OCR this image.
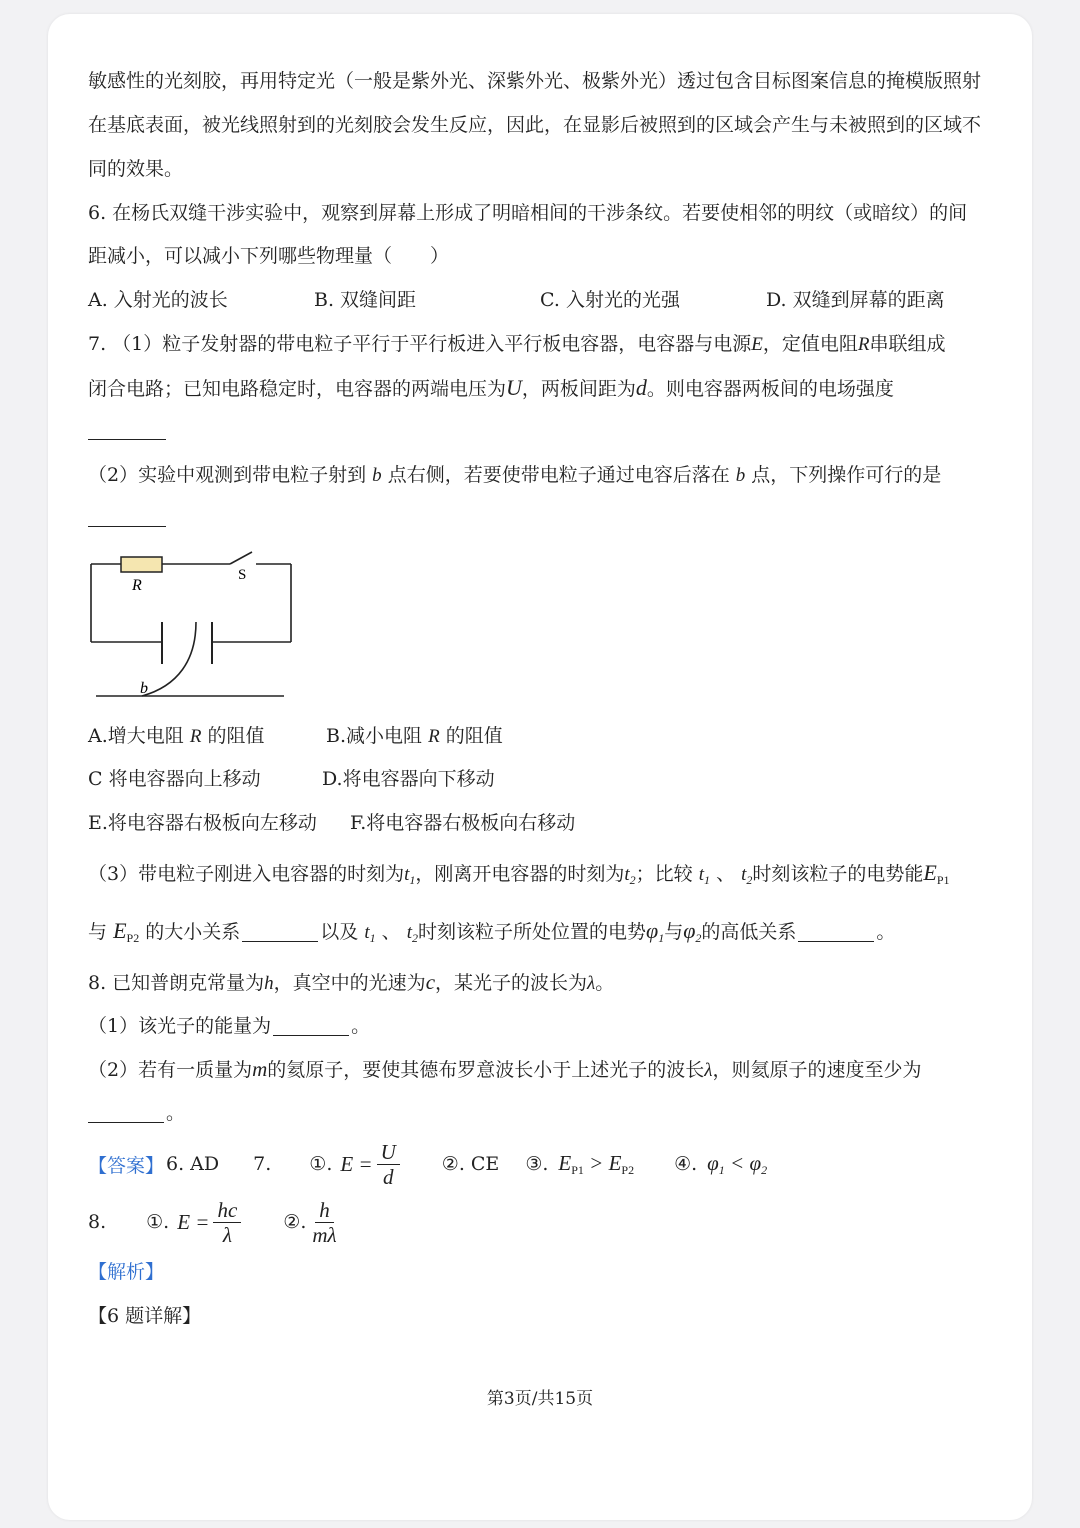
敏感性的光刻胶，再用特定光（一般是紫外光、深紫外光、极紫外光）透过包含目标图案信息的掩模版照射
在基底表面，被光线照射到的光刻胶会发生反应，因此，在显影后被照到的区域会产生与未被照到的区域不
同的效果。
6. 在杨氏双缝干涉实验中，观察到屏幕上形成了明暗相间的干涉条纹。若要使相邻的明纹（或暗纹）的间
距减小，可以减小下列哪些物理量（　　）
A. 入射光的波长	B. 双缝间距	C. 入射光的光强	D. 双缝到屏幕的距离
7. （1）粒子发射器的带电粒子平行于平行板进入平行板电容器，电容器与电源E，定值电阻R串联组成
闭合电路；已知电路稳定时，电容器的两端电压为U，两板间距为d。则电容器两板间的电场强度
（2）实验中观测到带电粒子射到 b 点右侧，若要使带电粒子通过电容后落在 b 点，下列操作可行的是
R
S
b
A.增大电阻 R 的阻值	B.减小电阻 R 的阻值
C 将电容器向上移动	D.将电容器向下移动
E.将电容器右极板向左移动 F.将电容器右极板向右移动
（3）带电粒子刚进入电容器的时刻为$t_1$，刚离开电容器的时刻为$t_2$；比较 $t_1$ 、 $t_2$时刻该粒子的电势能$E_{P1}$
与 $E_{P2}$ 的大小关系	以及 $t_1$ 、 $t_2$时刻该粒子所处位置的电势$\varphi_1$与$\varphi_2$的高低关系	。
8. 已知普朗克常量为h，真空中的光速为c，某光子的波长为λ。
（1）该光子的能量为	。
（2）若有一质量为m的氦原子，要使其德布罗意波长小于上述光子的波长λ，则氦原子的速度至少为
。
【答案】 6. AD 7. ①. $E = \frac{U}{d}$ ②. CE ③. $E_{P1} > E_{P2}$ ④. $\varphi_1 < \varphi_2$
8. ①. $E = \frac{hc}{\lambda}$ ②. $\frac{h}{m\lambda}$
【解析】
【6 题详解】
第3页/共15页
